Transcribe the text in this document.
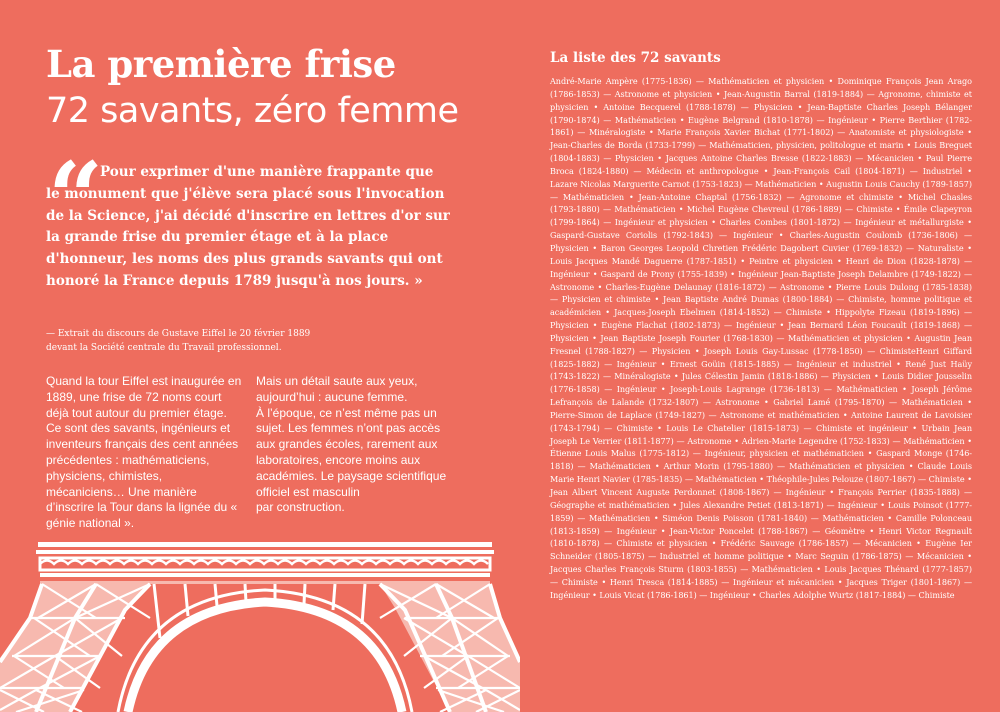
La première frise
72 savants, zéro femme
“

Pour exprimer d'une manière frappante que le monument que j'élève sera placé sous l'invocation de la Science, j'ai décidé d'inscrire en lettres d'or sur la grande frise du premier étage et à la place d'honneur, les noms des plus grands savants qui ont honoré la France depuis 1789 jusqu'à nos jours. »

— Extrait du discours de Gustave Eiffel le 20 février 1889
devant la Société centrale du Travail professionnel.
Quand la tour Eiffel est inaugurée en 1889, une frise de 72 noms court déjà tout autour du premier étage. Ce sont des savants, ingénieurs et inventeurs français des cent années précédentes : mathématiciens, physiciens, chimistes, mécaniciens… Une manière d’inscrire la Tour dans la lignée du « génie national ».
Mais un détail saute aux yeux, aujourd’hui : aucune femme.
À l’époque, ce n’est même pas un sujet. Les femmes n’ont pas accès aux grandes écoles, rarement aux laboratoires, encore moins aux académies. Le paysage scientifique officiel est masculin
par construction.
La liste des 72 savants

André-Marie Ampère (1775-1836) — Mathématicien et physicien • Dominique François Jean Arago (1786-1853) — Astronome et physicien • Jean-Augustin Barral (1819-1884) — Agronome, chimiste et physicien • Antoine Becquerel (1788-1878) — Physicien • Jean-Baptiste Charles Joseph Bélanger (1790-1874) — Mathématicien • Eugène Belgrand (1810-1878) — Ingénieur • Pierre Berthier (1782-1861) — Minéralogiste • Marie François Xavier Bichat (1771-1802) — Anatomiste et physiologiste • Jean-Charles de Borda (1733-1799) — Mathématicien, physicien, politologue et marin • Louis Breguet (1804-1883) — Physicien • Jacques Antoine Charles Bresse (1822-1883) — Mécanicien • Paul Pierre Broca (1824-1880) — Médecin et anthropologue • Jean-François Cail (1804-1871) — Industriel • Lazare Nicolas Marguerite Carnot (1753-1823) — Mathématicien • Augustin Louis Cauchy (1789-1857) — Mathématicien • Jean-Antoine Chaptal (1756-1832) — Agronome et chimiste • Michel Chasles (1793-1880) — Mathématicien • Michel Eugène Chevreul (1786-1889) — Chimiste • Émile Clapeyron (1799-1864) — Ingénieur et physicien • Charles Combes (1801-1872) — Ingénieur et métallurgiste • Gaspard-Gustave Coriolis (1792-1843) — Ingénieur • Charles-Augustin Coulomb (1736-1806) — Physicien • Baron Georges Leopold Chretien Frédéric Dagobert Cuvier (1769-1832) — Naturaliste • Louis Jacques Mandé Daguerre (1787-1851) • Peintre et physicien • Henri de Dion (1828-1878) — Ingénieur • Gaspard de Prony (1755-1839) • Ingénieur Jean-Baptiste Joseph Delambre (1749-1822) — Astronome • Charles-Eugène Delaunay (1816-1872) — Astronome • Pierre Louis Dulong (1785-1838) — Physicien et chimiste • Jean Baptiste André Dumas (1800-1884) — Chimiste, homme politique et académicien • Jacques-Joseph Ebelmen (1814-1852) — Chimiste • Hippolyte Fizeau (1819-1896) — Physicien • Eugène Flachat (1802-1873) — Ingénieur • Jean Bernard Léon Foucault (1819-1868) — Physicien • Jean Baptiste Joseph Fourier (1768-1830) — Mathématicien et physicien • Augustin Jean Fresnel (1788-1827) — Physicien • Joseph Louis Gay-Lussac (1778-1850) — ChimisteHenri Giffard (1825-1882) — Ingénieur • Ernest Goüin (1815-1885) — Ingénieur et industriel • René Just Haüy (1743-1822) — Minéralogiste • Jules Célestin Jamin (1818-1886) — Physicien • Louis Didier Jousselin (1776-1858) — Ingénieur • Joseph-Louis Lagrange (1736-1813) — Mathématicien • Joseph Jérôme Lefrançois de Lalande (1732-1807) — Astronome • Gabriel Lamé (1795-1870) — Mathématicien • Pierre-Simon de Laplace (1749-1827) — Astronome et mathématicien • Antoine Laurent de Lavoisier (1743-1794) — Chimiste • Louis Le Chatelier (1815-1873) — Chimiste et ingénieur • Urbain Jean Joseph Le Verrier (1811-1877) — Astronome • Adrien-Marie Legendre (1752-1833) — Mathématicien • Étienne Louis Malus (1775-1812) — Ingénieur, physicien et mathématicien • Gaspard Monge (1746-1818) — Mathématicien • Arthur Morin (1795-1880) — Mathématicien et physicien • Claude Louis Marie Henri Navier (1785-1835) — Mathématicien • Théophile-Jules Pelouze (1807-1867) — Chimiste • Jean Albert Vincent Auguste Perdonnet (1808-1867) — Ingénieur • François Perrier (1835-1888) — Géographe et mathématicien • Jules Alexandre Petiet (1813-1871) — Ingénieur • Louis Poinsot (1777-1859) — Mathématicien • Siméon Denis Poisson (1781-1840) — Mathématicien • Camille Polonceau (1813-1859) — Ingénieur • Jean-Victor Poncelet (1788-1867) — Géomètre • Henri Victor Regnault (1810-1878) — Chimiste et physicien • Frédéric Sauvage (1786-1857) — Mécanicien • Eugène Ier Schneider (1805-1875) — Industriel et homme politique • Marc Seguin (1786-1875) — Mécanicien • Jacques Charles François Sturm (1803-1855) — Mathématicien • Louis Jacques Thénard (1777-1857) — Chimiste • Henri Tresca (1814-1885) — Ingénieur et mécanicien • Jacques Triger (1801-1867) — Ingénieur • Louis Vicat (1786-1861) — Ingénieur • Charles Adolphe Wurtz (1817-1884) — Chimiste
